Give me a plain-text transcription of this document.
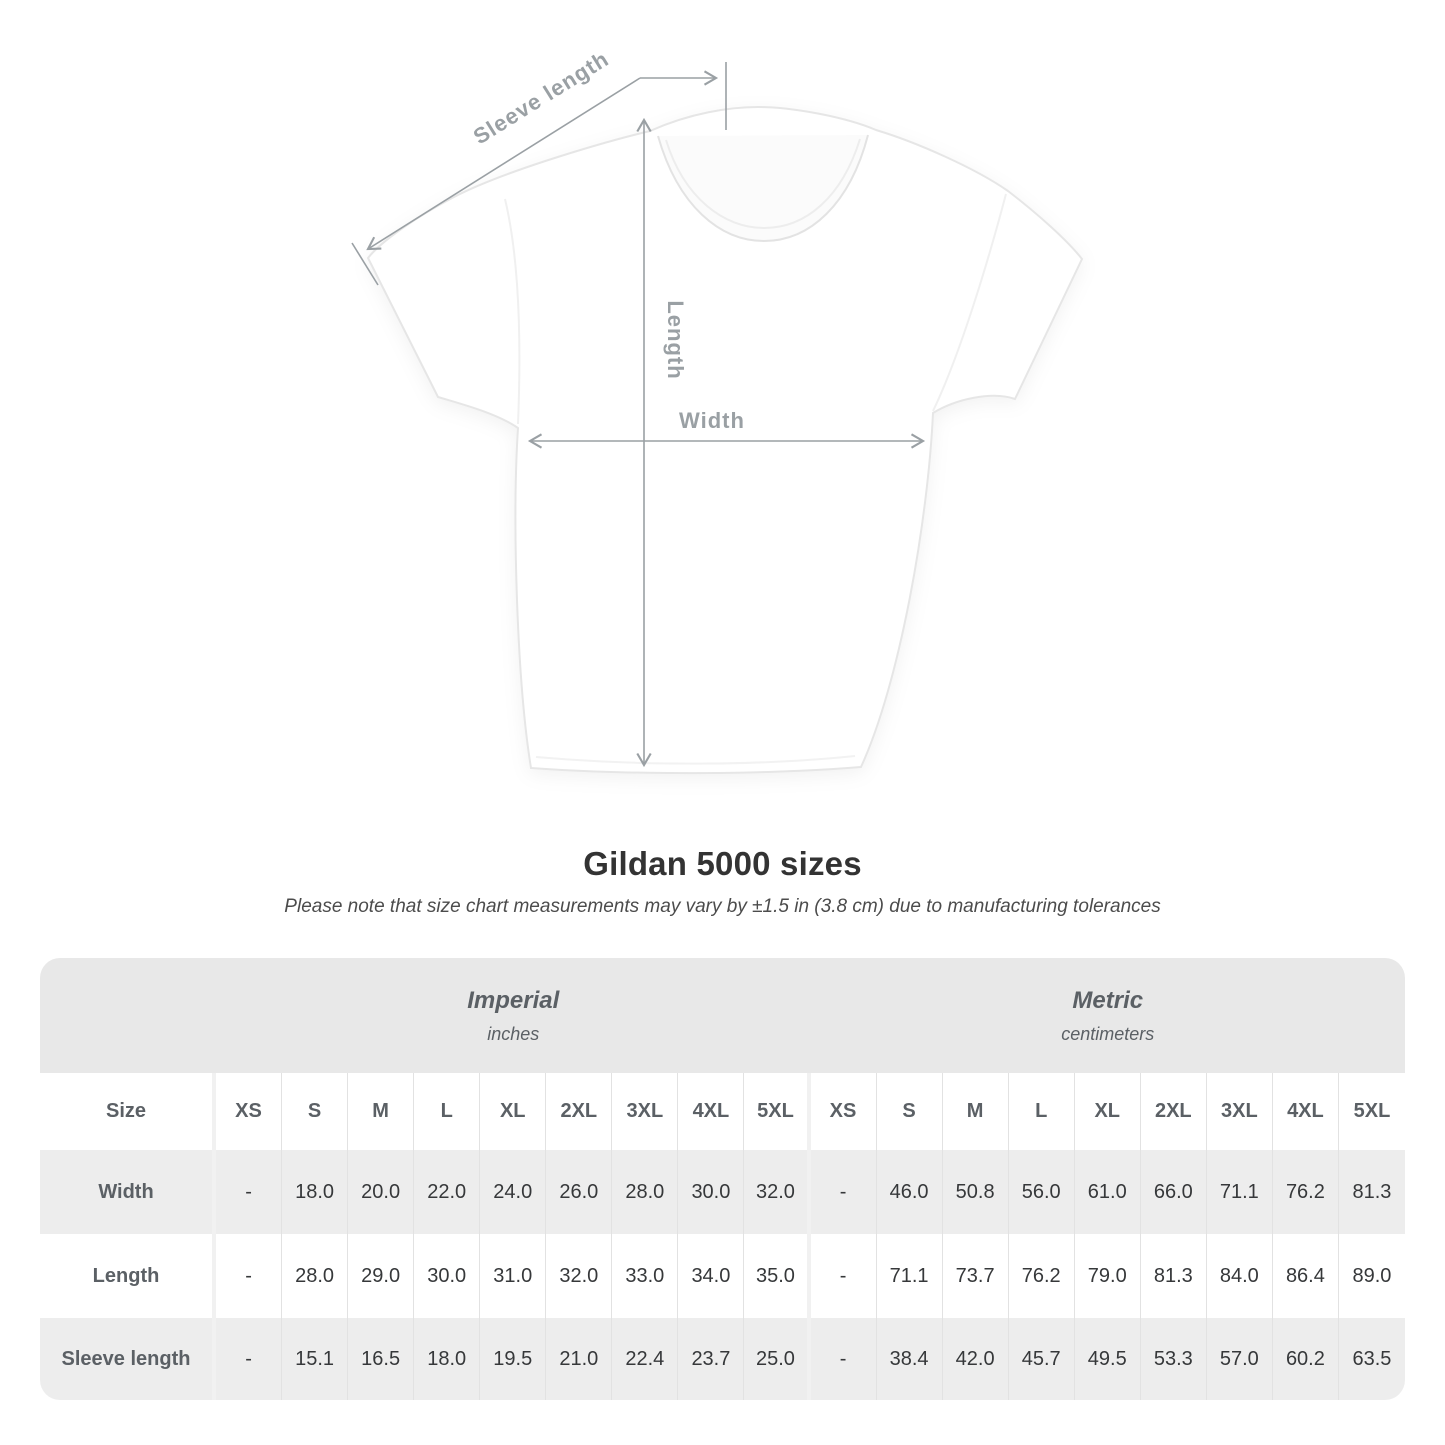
Sleeve length
Length
Width
Gildan 5000 sizes

Please note that size chart measurements may vary by ±1.5 in (3.8 cm) due to manufacturing tolerances

Imperial
inches
Metric
centimeters
Size	XS	S	M	L	XL	2XL	3XL	4XL	5XL	XS	S	M	L	XL	2XL	3XL	4XL	5XL
Width	-	18.0	20.0	22.0	24.0	26.0	28.0	30.0	32.0	-	46.0	50.8	56.0	61.0	66.0	71.1	76.2	81.3
Length	-	28.0	29.0	30.0	31.0	32.0	33.0	34.0	35.0	-	71.1	73.7	76.2	79.0	81.3	84.0	86.4	89.0
Sleeve length	-	15.1	16.5	18.0	19.5	21.0	22.4	23.7	25.0	-	38.4	42.0	45.7	49.5	53.3	57.0	60.2	63.5
